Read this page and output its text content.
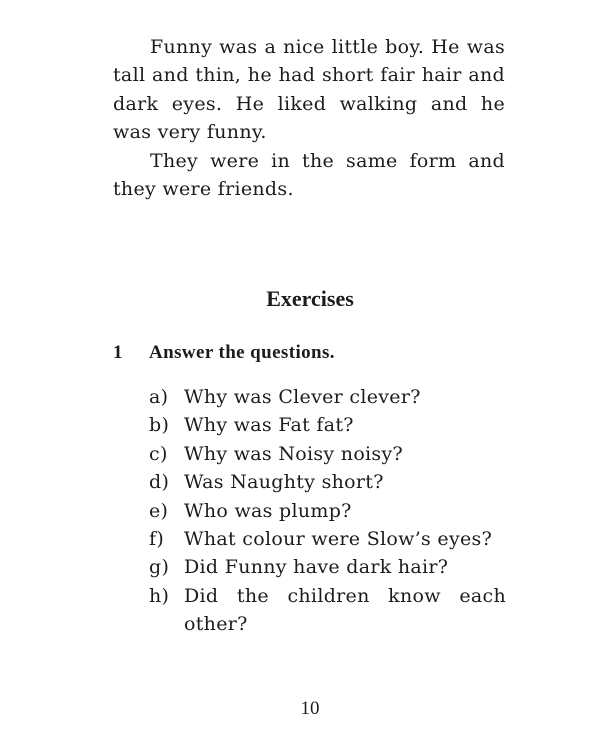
Funny was a nice little boy. He was tall and thin, he had short fair hair and dark eyes. He liked walking and he was very funny.

They were in the same form and they were friends.

Exercises
1 Answer the questions.
a) Why was Clever clever?
b) Why was Fat fat?
c) Why was Noisy noisy?
d) Was Naughty short?
e) Who was plump?
f)	What colour were Slow’s eyes?
g) Did Funny have dark hair?
h) Did the children know each other?
10
